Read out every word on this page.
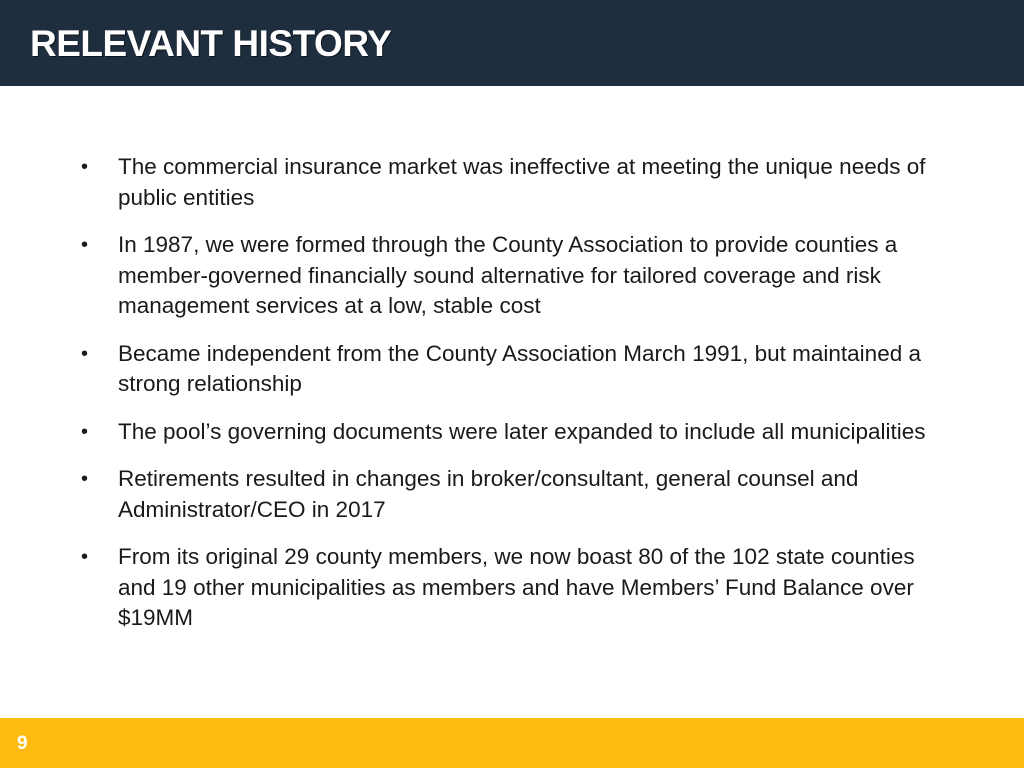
RELEVANT HISTORY
• The commercial insurance market was ineffective at meeting the unique needs of public entities
• In 1987, we were formed through the County Association to provide counties a member-governed financially sound alternative for tailored coverage and risk management services at a low, stable cost
• Became independent from the County Association March 1991, but maintained a strong relationship
• The pool’s governing documents were later expanded to include all municipalities
• Retirements resulted in changes in broker/consultant, general counsel and Administrator/CEO in 2017
• From its original 29 county members, we now boast 80 of the 102 state counties and 19 other municipalities as members and have Members’ Fund Balance over $19MM
9
